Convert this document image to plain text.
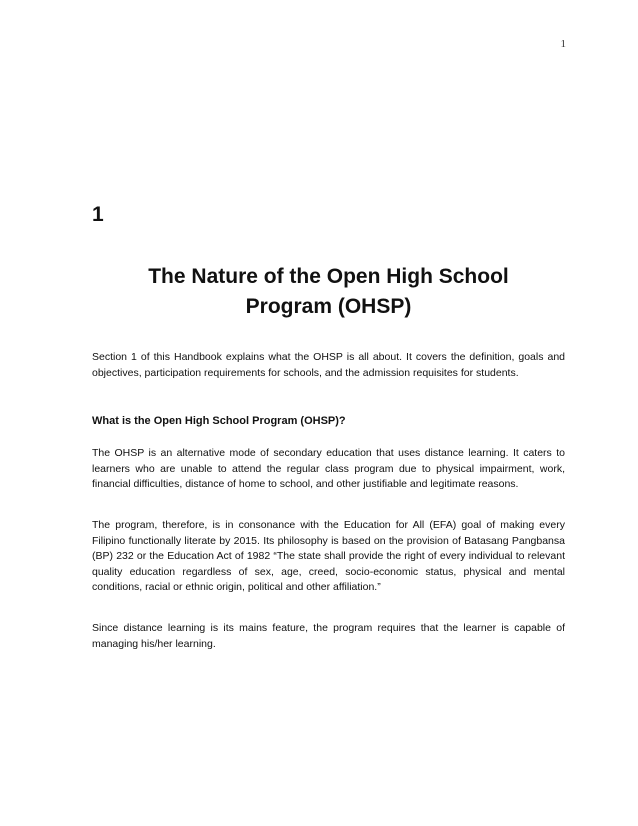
1
1
The Nature of the Open High School
Program (OHSP)

Section 1 of this Handbook explains what the OHSP is all about. It covers the definition, goals and objectives, participation requirements for schools, and the admission requisites for students.

What is the Open High School Program (OHSP)?

The OHSP is an alternative mode of secondary education that uses distance learning. It caters to learners who are unable to attend the regular class program due to physical impairment, work, financial difficulties, distance of home to school, and other justifiable and legitimate reasons.

The program, therefore, is in consonance with the Education for All (EFA) goal of making every Filipino functionally literate by 2015. Its philosophy is based on the provision of Batasang Pangbansa (BP) 232 or the Education Act of 1982 “The state shall provide the right of every individual to relevant quality education regardless of sex, age, creed, socio-economic status, physical and mental conditions, racial or ethnic origin, political and other affiliation.”

Since distance learning is its mains feature, the program requires that the learner is capable of managing his/her learning.
